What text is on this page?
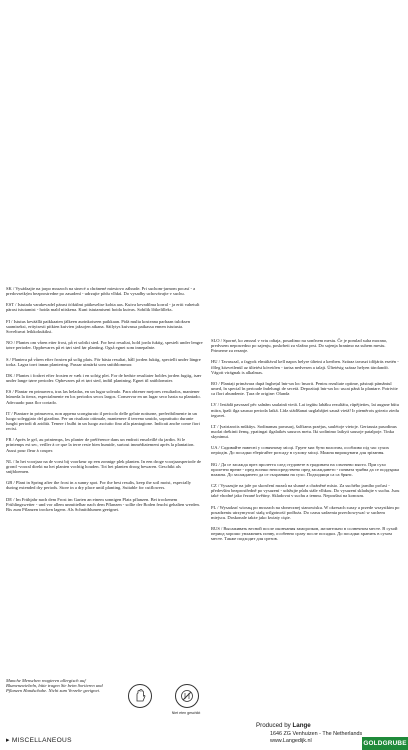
SK / Vysádzajte na jarpo mrazoch na sinecé a chránené miestovo záhrade. Pri suchom-jarnom pocasí - a predovsetkým bezprostredne po zasadení - udrzujte pôdu vlhkú. Do vysadby uchovávajte v suchu.

EST / Istutada varakevadel pärast öökülmi päikeselise kohta aas. Kuiva kevadilma korral - ja eriti vahetult pärast istutamist - hoida mald niiskena. Kuni istutamiseni hoida kuivas. Sobilik lõikelilleks.

FI / Istutus keväällä paikkaaten jälkeen aurinkoiseen paikkaan. Pidä multa kosteana parhaan tuloksen saamiseksi, erityisesti pitkien kuivien jaksojen aikana. Säilytys kuivassa paikassa ennen istutusta. Soveltuvat leikkokukiksi.

NO / Plantes om våren etter frost, på et solrikt sted. For best resultat, hold jorda fuktig, spesielt under lengre tørre perioder. Oppbevares på et tørt sted før planting. Også egnet som innepalnte.

S / Plantera på våren efter frosten på solig plats. För bästa resultat, håll jorden fuktig, speciellt under längre torka. Lagra torrt innan plantering. Passar utmärkt som snittblommor.

DK / Plantes i foråret efter frosten er væk i en solrig plet. For de bedste resultater holdes jorden fugtig, især under lange tørre perioder. Opbevares på et tørt sted, indtil plantning. Egnet til snitblomster.

ES / Plantar en primavera, tras las heladas, en un lugar soleado. Para obtener mejores resultados, mantener húmeda la tierra, especialmente en los periodos secos largos. Conservar en un lugar seco hasta su plantado. Adecuado para flor cortado.

IT / Piantare in primavera, non appena scongiurato il pericolo delle gelate notturne, preferibilmente in un luogo soleggiato del giardino. Per un risultato ottimale, mantenere il terreno umido, soprattutto durante lunghi periodi di aridità. Tenere i bulbi in un luogo asciutto fino alla piantagione. Indicati anche come fiori recisi.

FR / Après le gel, au printemps, les planter de préférence dans un endroit ensoleillé du jardin. Si le printemps est sec, veiller à ce que la terre reste bien humide, surtout immédiatement après la plantation. Aussi pour fleur à couper.

NL / In het voorjaar na de vorst bij voorkeur op een zonnige plek planten. In een droge voorjaarsperiode de grond -vooral direkt na het planten vochtig houden. Tot het planten droog bewaren. Geschikt als snijbloemen.

GB / Plant in Spring after the frost in a sunny spot. For the best results, keep the soil moist, especially during extended dry periods. Store in a dry place until planting. Suitable for cutflowers.

DE / Im Frühjahr nach dem Frost im Garten an einem sonnigen Platz pflanzen. Bei trockenem Frühlingswetter - und vor allem unmittelbar nach dem Pflanzen - sollte der Boden feucht gehalten werden. Bis zum Pflanzen trocken lagern. Als Schnittblumen geeignet.

SLO / Sporné, ko zmrzal v vrtu odtaja, posadimo na sončnem mestu. Če je pomlad suha morano, predvsem neposredno po sajenju, poskrbeti za vlažno prst. Do sajenja hranimo na suhem mestu. Primerne za rezanje.

HU / Tavasszal, a fagyok elmúltával kell napos helyre ültetni a kertben. Száraz tavaszi időjárás esetén - főleg közvetlenül az ültetést követően - tartsa nedvesen a talajt. Ültetésig száraz helyen tárolandó. Vágott virágnak is alkalmas.

RO / Plantați primăvara după înghețul într-un loc însorit. Pentru rezultate optime, păstrați pământul umed, în special în perioade îndelungi de secetă. Depozitați într-un loc uscat până la plantare. Potrivite ca flori abundente. Țara de origine: Olanda

LV / Iestādā pavasarī pēc salnām saulainā vietā. Lai iegūtu labāku rezultātu, rūpējieties, lai augsne būtu mitra, īpaši ilga sausuo perioda laikā. Līdz stādīšanai uzglabājiet sausā vietā! Ir piemērots griezto ziedu ieguvei.

LT / Įvairiaroiis mūkūys. Sodinamas pavasarį, šalčiams praėjus, saulėtoje vietoje. Geriausia pasodinus nuolat drėkinti žemę, ypatingai ilgalaikės sausros metu. Iki sodinimo laikyti sausoje patalpoje. Tinka skynimui.

UA / Садивайте навесні у сонячному місці. Грунт має бути вологим, особливо під час сухих періодів. До посадки зберігайте розсаду в сухому місці. Можна вирощувати для зрізання.

BG / Да се засажда през пролетта след студовете в градината на слънчево място. При сухо пролетно време - пред всичко непосредствено пред засаждането - почвата трябва да се поддържа влажна. До засаждането да се съхранява на сухо. Подходящи са са брянс.

CZ / Vysazujte na jaře po skončení mrazů na slunné a chráněné místo. Za suchého jarního počasí - především bezprostředně po vysazení - udržujte půdu stále vlhkou. Do vysazení skladujte v suchu. Jsou také vhodné jako řezané květiny. Skladovat v suchu a temnu. Nepouštut na koncum.

PL / Wysadzać wiosną po mrozach na słonecznej stanowisku. W okresach suszy a przede wszystkim po posadzeniu utrzymywać stałą wilgotność podłoża. Do czasu sadzenia przechowywać w suchem miejscu. Doskonale także jako kwiaty cięte.

RUS / Высаживать весной после окончания заморозков, желательно в солнечном месте. В сухой период хорошо увлажнять почву, особенно сразу после посадки. До посадки хранить в сухом месте. Также подходит для срезов.

Manche Menschen reagieren allergisch auf Blumenzwiebeln, bitte tragen Sie beim Sortieren und Pflanzen Handschuhe. Nicht zum Verzehr geeignet.
▸ MISCELLANEOUS
Niet eten geschikt
Produced by Lange
1646 ZG Venhuizen - The Netherlands
www.Langedijk.nl	GOLDGRUBE
